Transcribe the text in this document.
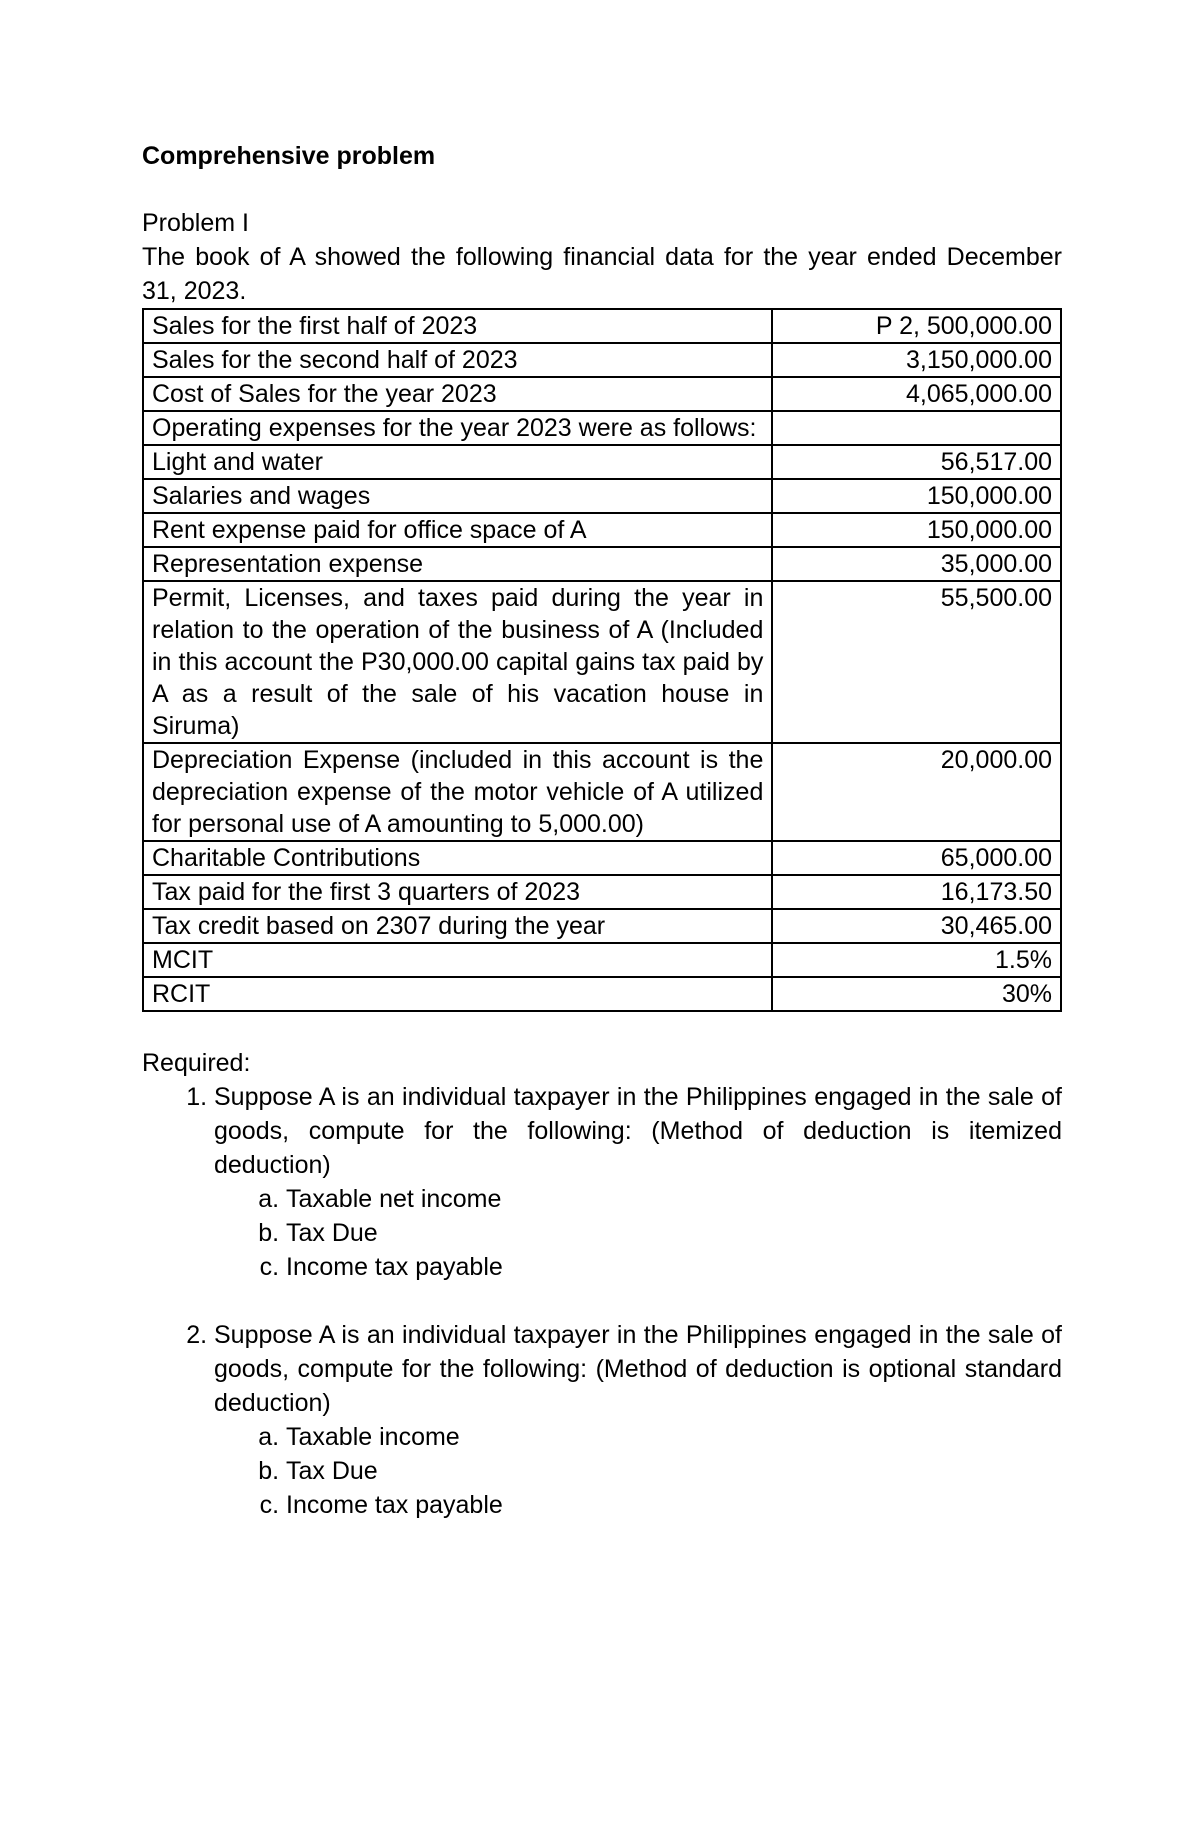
Comprehensive problem

Problem I

The book of A showed the following financial data for the year ended December 31, 2023.

Sales for the first half of 2023	P 2, 500,000.00
Sales for the second half of 2023	3,150,000.00
Cost of Sales for the year 2023	4,065,000.00
Operating expenses for the year 2023 were as follows:	
Light and water	56,517.00
Salaries and wages	150,000.00
Rent expense paid for office space of A	150,000.00
Representation expense	35,000.00
Permit, Licenses, and taxes paid during the year in relation to the operation of the business of A (Included in this account the P30,000.00 capital gains tax paid by A as a result of the sale of his vacation house in Siruma)	55,500.00
Depreciation Expense (included in this account is the depreciation expense of the motor vehicle of A utilized for personal use of A amounting to 5,000.00)	20,000.00
Charitable Contributions	65,000.00
Tax paid for the first 3 quarters of 2023	16,173.50
Tax credit based on 2307 during the year	30,465.00
MCIT	1.5%
RCIT	30%

Required:

1. Suppose A is an individual taxpayer in the Philippines engaged in the sale of goods, compute for the following: (Method of deduction is itemized deduction)
a. Taxable net income
b. Tax Due
c. Income tax payable
2. Suppose A is an individual taxpayer in the Philippines engaged in the sale of goods, compute for the following: (Method of deduction is optional standard deduction)
a. Taxable income
b. Tax Due
c. Income tax payable
